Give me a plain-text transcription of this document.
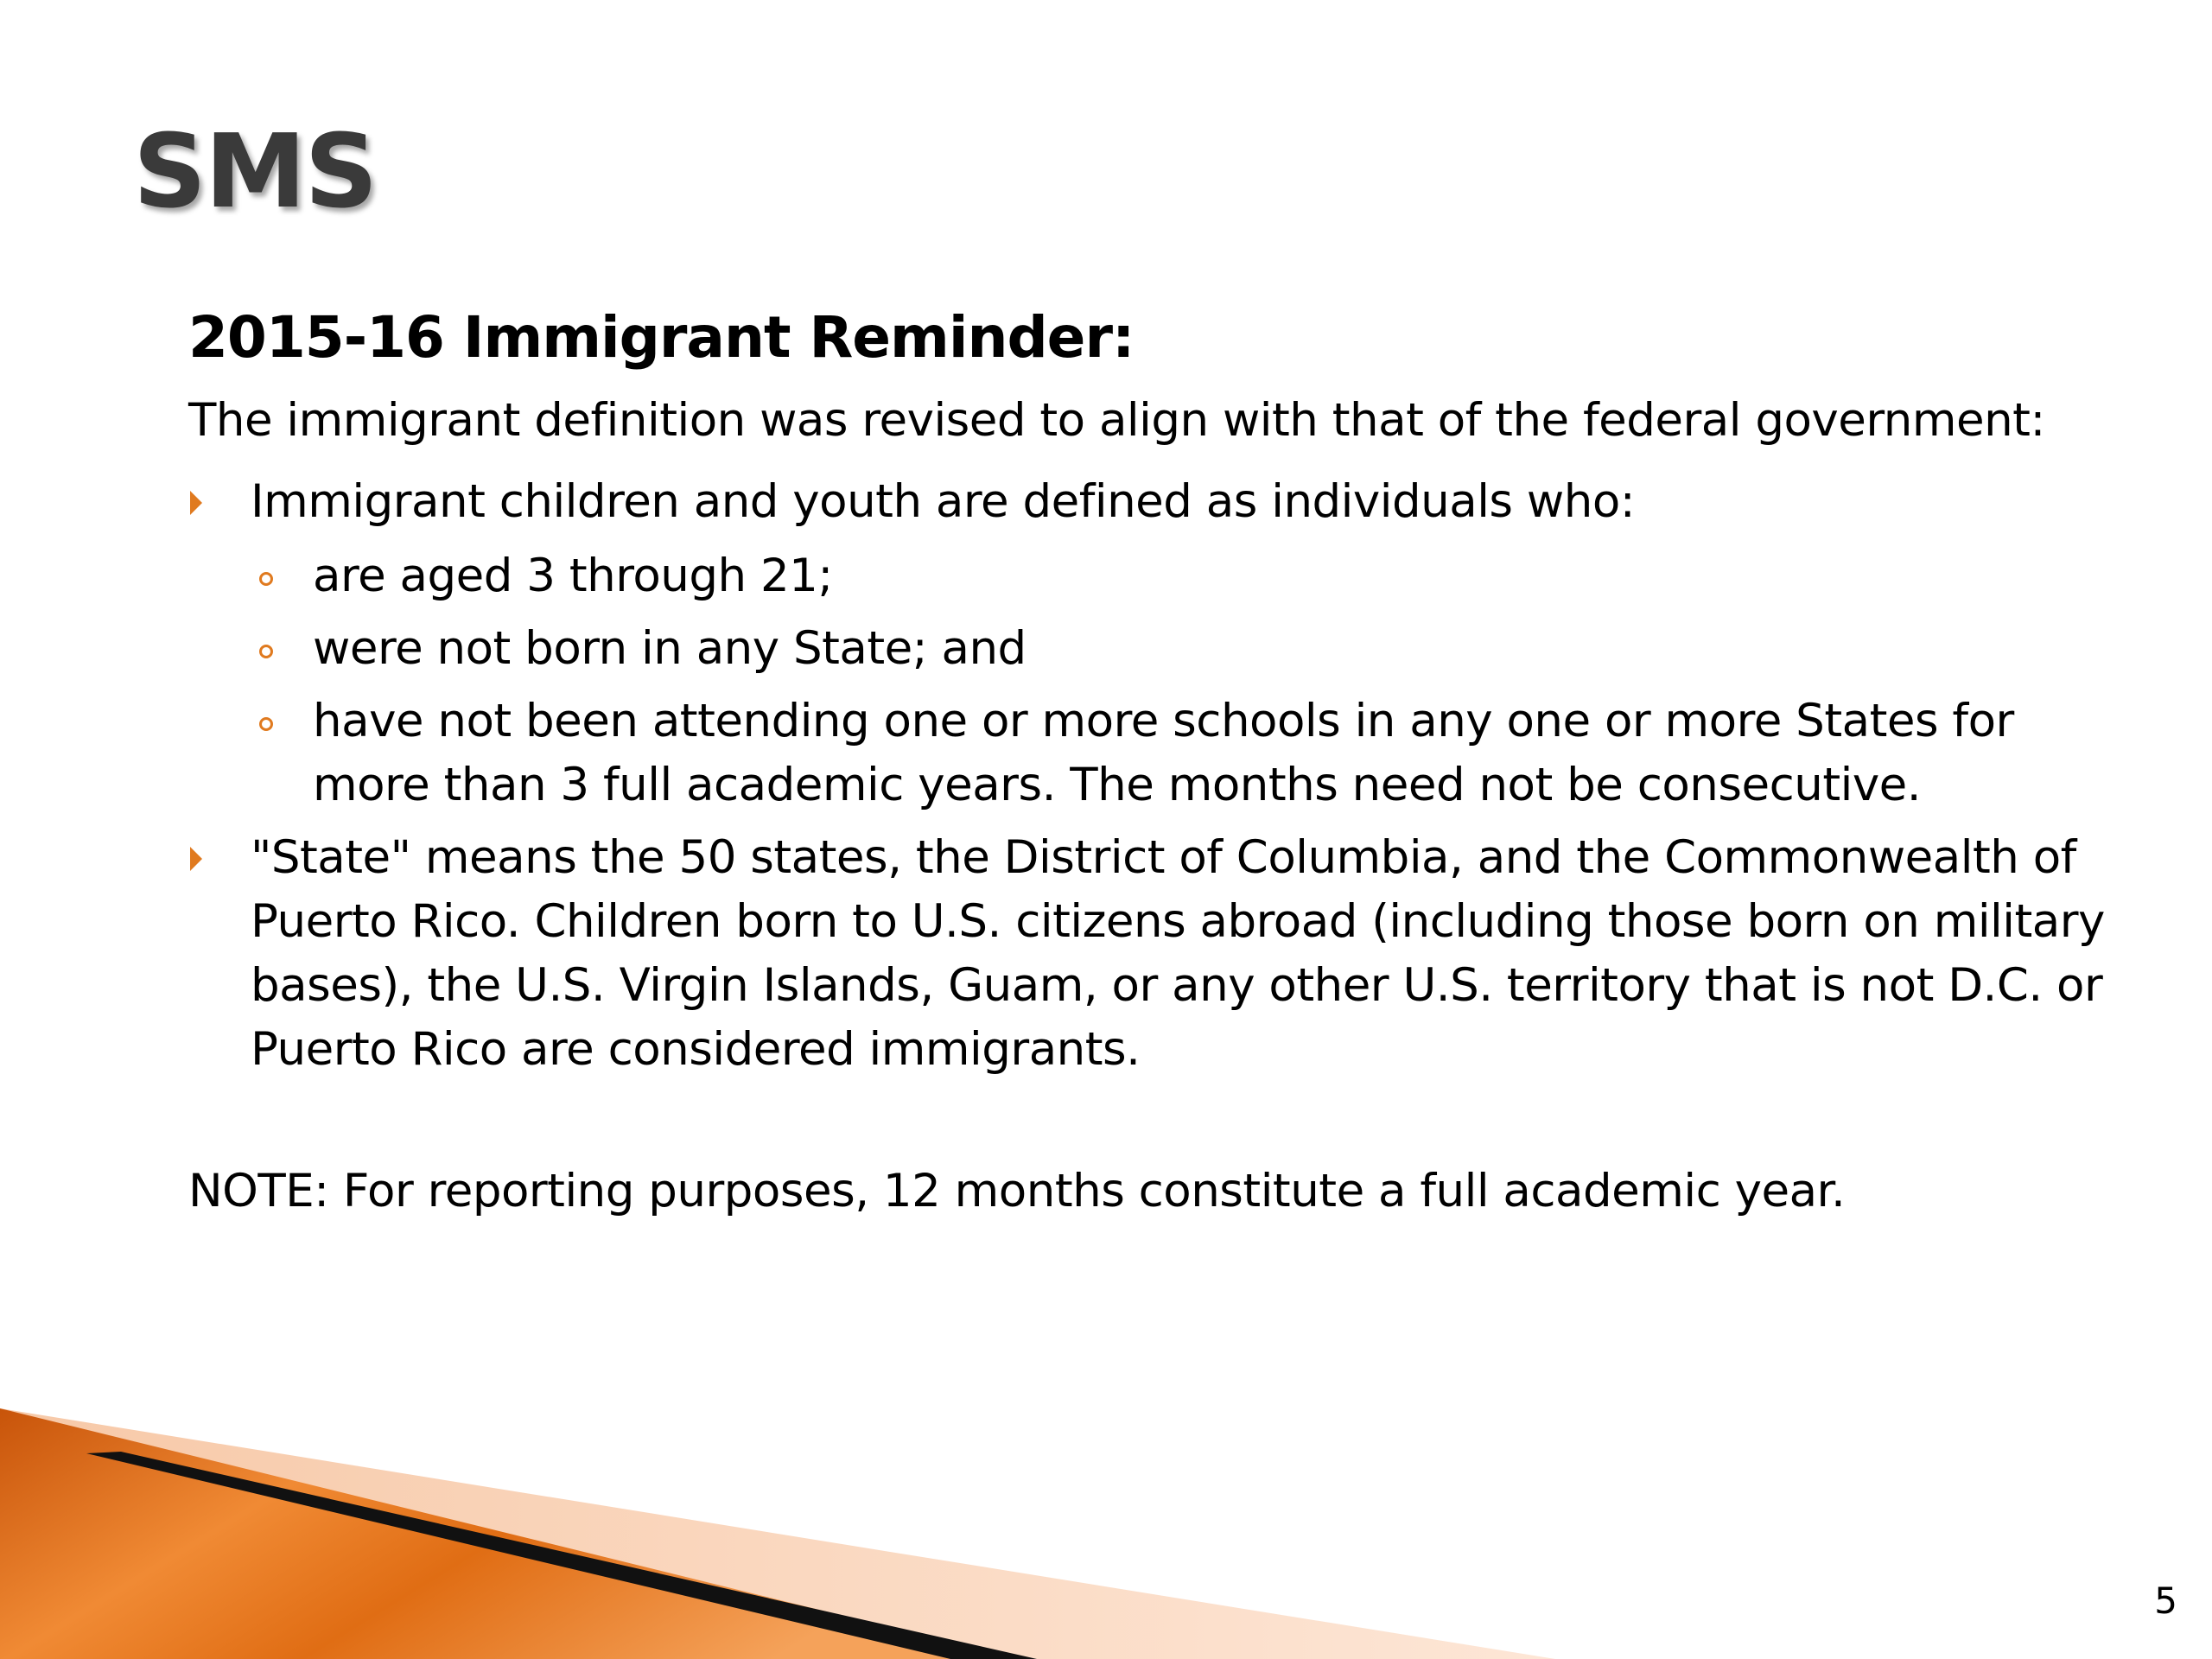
SMS
2015-16 Immigrant Reminder:
The immigrant definition was revised to align with that of the federal government:
Immigrant children and youth are defined as individuals who:
are aged 3 through 21;
were not born in any State; and
have not been attending one or more schools in any one or more States for more than 3 full academic years. The months need not be consecutive.
"State" means the 50 states, the District of Columbia, and the Commonwealth of Puerto Rico. Children born to U.S. citizens abroad (including those born on military bases), the U.S. Virgin Islands, Guam, or any other U.S. territory that is not D.C. or Puerto Rico are considered immigrants.
NOTE: For reporting purposes, 12 months constitute a full academic year.
5
